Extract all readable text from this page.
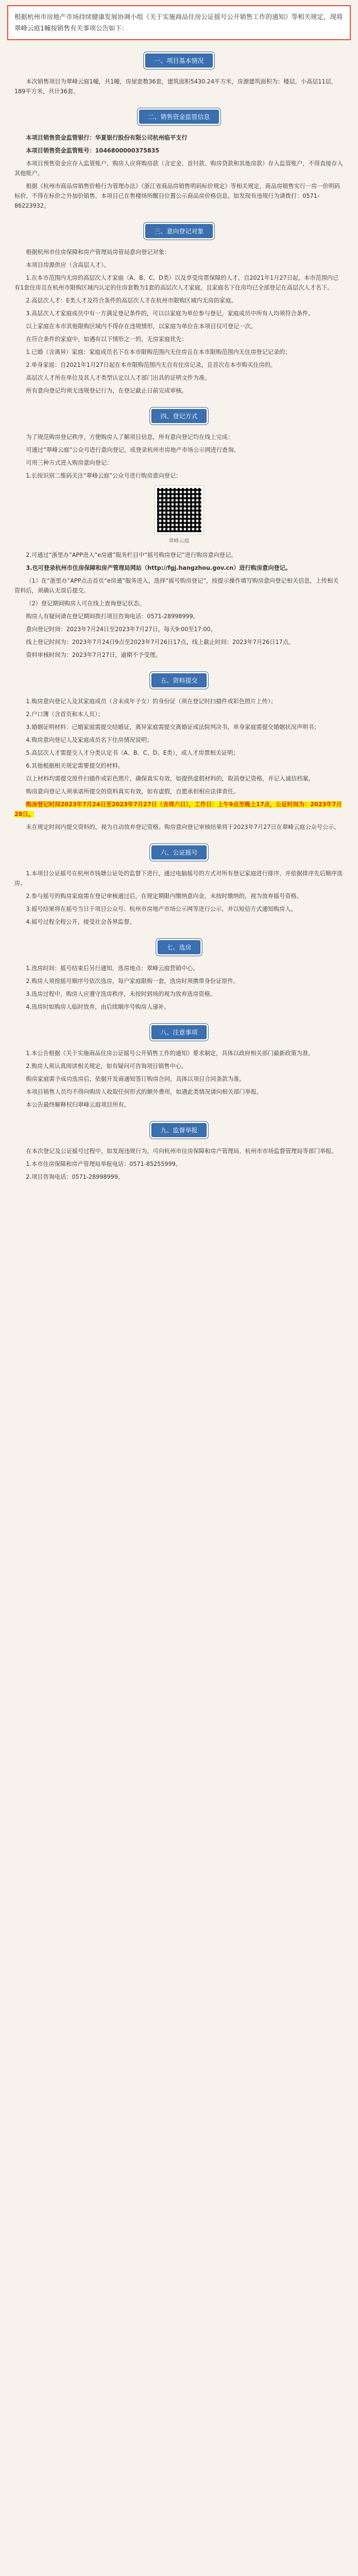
根据杭州市房地产市场持续健康发展协调小组《关于实施商品住房公证摇号公开销售工作的通知》等相关规定，现将翠峰云庭1幢按销售有关事项公告如下：
一、项目基本情况

本次销售项目为翠峰云庭1幢，共1幢，房屋套数36套，建筑面积5430.24平方米，房源建筑面积为：楼层，小高层11层，189平方米，共计36套。

二、销售资金监管信息

本项目销售资金监管银行：华夏银行股份有限公司杭州临平支行

本项目销售资金监管账号：1046800000375835

本项目预售资金应存入监管账户，购房人应将购房款（含定金、首付款、购房贷款和其他房款）存入监管账户，不得直接存入其他账户。

根据《杭州市商品房销售价格行为管理办法》《浙江省商品房销售明码标价规定》等相关规定，商品房销售实行一房一价明码标价，不得在标价之外加价销售。本项目已在售楼场所醒目位置公示商品房价格信息。如发现有违规行为请拨打：0571-86223932。

三、意向登记对象

根据杭州市住房保障和房产管理局房管局意向登记对象：

本项目房源供应（含高层人才）。

1.在本市范围内无房的高层次人才家庭（A、B、C、D类）以及享受房票保障的人才，自2021年1月27日起，本市范围内已有1套住房且在杭州市限购区域内认定的住房套数为1套的高层次人才家庭，且家庭名下住房均已全部登记在高层次人才名下。

2.高层次人才：E类人才及符合条件的高层次人才在杭州市限购区域内无房的家庭。

3.高层次人才家庭成员中有一方满足登记条件的，可以以家庭为单位参与登记，家庭成员中所有人均须符合条件。

以上家庭在本市其他限购区域内不得存在违规情形，以家庭为单位在本项目仅可登记一次。

在符合条件的家庭中，如遇有以下情形之一的，无房家庭优先：

1.已婚（含离异）家庭：家庭成员名下在本市限购范围内无住房且在本市限购范围内无住房登记记录的；

2.单身家庭：自2021年1月27日起在本市限购范围内无自有住房记录，且首次在本市购买住房的。

高层次人才所在单位及其人才类型认定以人才部门出具的证明文件为准。

所有意向登记均须无违规登记行为，在登记截止日前完成审核。

四、登记方式

为了规范购房登记秩序，方便购房人了解项目信息，所有意向登记均在线上完成：

可通过“翠峰云庭”公众号进行意向登记，或登录杭州市房地产市场公示网进行查询。

可用三种方式进入购房意向登记：

1.长按识别二维码关注“翠峰云庭”公众号进行购房意向登记：

翠峰云庭

2.可通过“浙里办”APP进入“e房通”服务栏目中“摇号购房登记”进行购房意向登记。

3.也可登录杭州市住房保障和房产管理局网站（http://fgj.hangzhou.gov.cn）进行购房意向登记。

（1）在“浙里办”APP点击首页“e房通”服务进入，选择“摇号购房登记”，按提示操作填写购房意向登记相关信息，上传相关资料后，须确认无误后提交。

（2）登记期间购房人可在线上查询登记状态。

购房人有疑问请在登记期间拨打项目咨询电话：0571-28998999。

意向登记时间：2023年7月24日至2023年7月27日，每天9:00至17:00。

线上登记时间为：2023年7月24日9点至2023年7月26日17点，线上截止时间：2023年7月26日17点。

资料审核时间为：2023年7月27日，逾期不予受理。

五、资料提交

1.购房意向登记人及其家庭成员（含未成年子女）的身份证（须在登记时扫描件或彩色照片上传）；

2.户口簿（含首页和本人页）；

3.婚姻证明材料：已婚家庭需提交结婚证，离异家庭需提交离婚证或法院判决书，单身家庭需提交婚姻状况声明书；

4.购房意向登记人及家庭成员名下住房情况说明；

5.高层次人才需提交人才分类认定书（A、B、C、D、E类），或人才房票相关证明；

6.其他根据相关规定需要提交的材料。

以上材料均需提交原件扫描件或彩色照片，确保真实有效，如提供虚假材料的，取消登记资格，并记入诚信档案。

购房意向登记人须承诺所提交的资料真实有效，如有虚假，自愿承担相应法律责任。

购房登记时间2023年7月24日至2023年7月27日（含周六日），工作日：上午9点至晚上17点，公证时间为：2023年7月28日。

未在规定时间内提交资料的，视为自动放弃登记资格。购房意向登记审核结果将于2023年7月27日在翠峰云庭公众号公示。

六、公证摇号

1.本项目公证摇号在杭州市钱塘公证处的监督下进行，通过电脑摇号的方式对所有登记家庭进行排序，并依据排序先后顺序选房。

2.参与摇号的购房家庭需在登记审核通过后，在规定期限内缴纳意向金，未按时缴纳的，视为放弃摇号资格。

3.摇号结果将在摇号当日于项目公众号、杭州市房地产市场公示网等进行公示，并以短信方式通知购房人。

4.摇号过程全程公开，接受社会各界监督。

七、选房

1.选房时间：摇号结束后另行通知，选房地点：翠峰云庭营销中心。

2.购房人须按摇号顺序号依次选房，每户家庭限购一套，选房时须携带身份证原件。

3.选房过程中，购房人应遵守选房秩序，未按时到场的视为放弃选房资格。

4.选房时如购房人临时放弃，由后续顺序号购房人递补。

八、注意事项

1.本公告根据《关于实施商品住房公证摇号公开销售工作的通知》要求制定，具体以政府相关部门最新政策为准。

2.购房人须认真阅读相关规定，如有疑问可咨询项目销售中心。

购房家庭需予成功选房后，依据开发商通知签订购房合同，具体以项目合同条款为准。

本项目销售人员均不得向购房人收取任何形式的额外费用，如遇此类情况请向相关部门举报。

本公告最终解释权归翠峰云庭项目所有。

九、监督举报

在本次登记及公证摇号过程中，如发现违规行为，可向杭州市住房保障和房产管理局、杭州市市场监督管理局等部门举报。

1.本市住房保障和房产管理局举报电话：0571-85255999。

2.项目咨询电话：0571-28998999。
